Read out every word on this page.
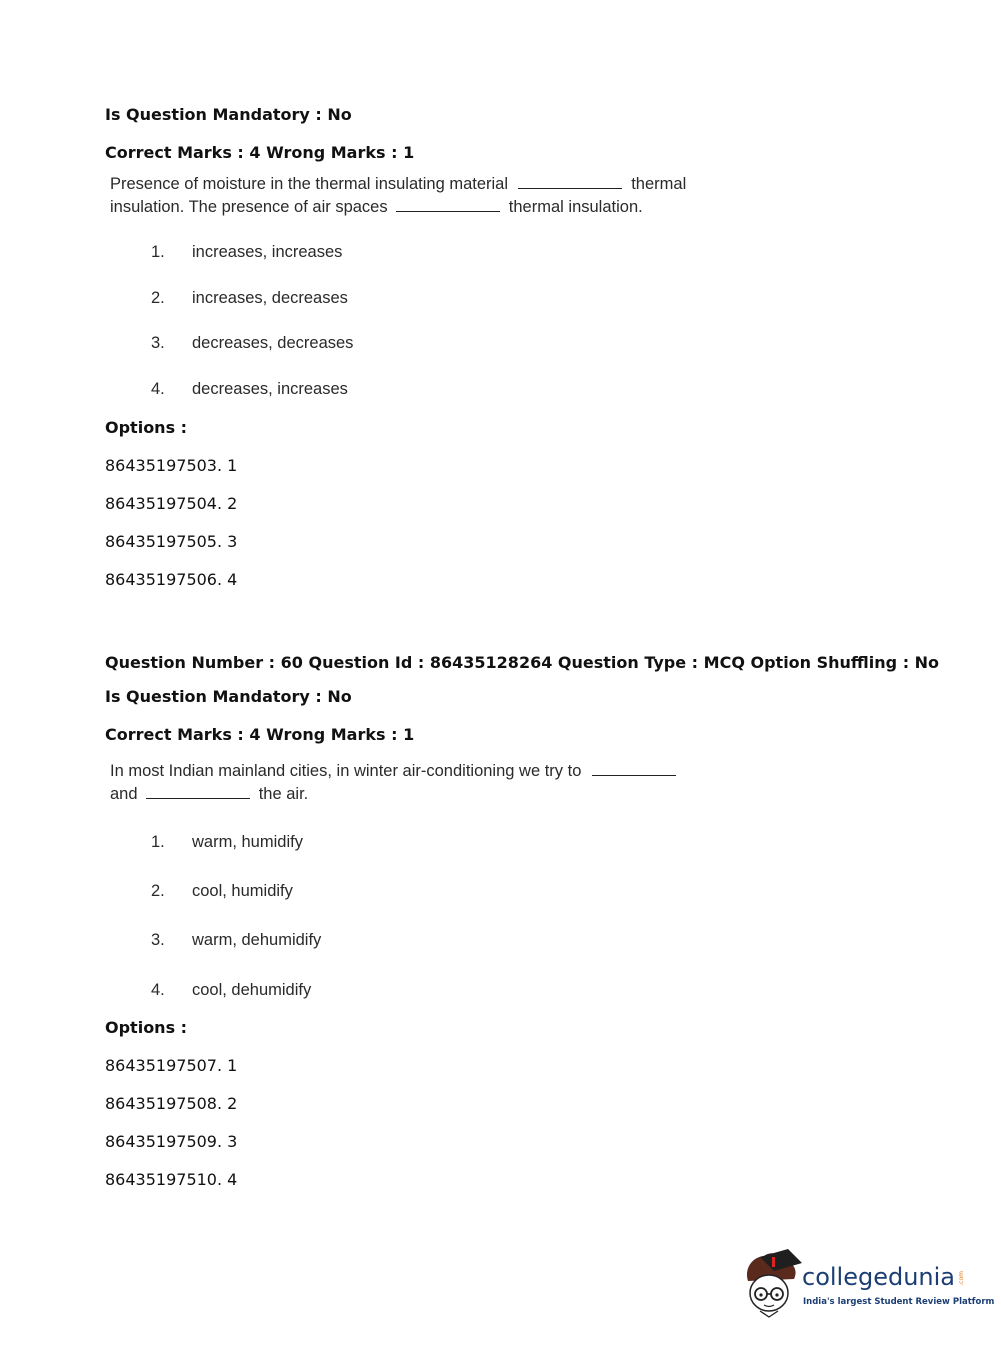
Is Question Mandatory : No
Correct Marks : 4 Wrong Marks : 1
Presence of moisture in the thermal insulating material	thermal
insulation. The presence of air spaces	thermal insulation.
1. increases, increases
2. increases, decreases
3. decreases, decreases
4. decreases, increases
Options :
86435197503. 1
86435197504. 2
86435197505. 3
86435197506. 4
Question Number : 60 Question Id : 86435128264 Question Type : MCQ Option Shuffling : No
Is Question Mandatory : No
Correct Marks : 4 Wrong Marks : 1
In most Indian mainland cities, in winter air-conditioning we try to
and	the air.
1. warm, humidify
2. cool, humidify
3. warm, dehumidify
4. cool, dehumidify
Options :
86435197507. 1
86435197508. 2
86435197509. 3
86435197510. 4
collegedunia .com
India's largest Student Review Platform
